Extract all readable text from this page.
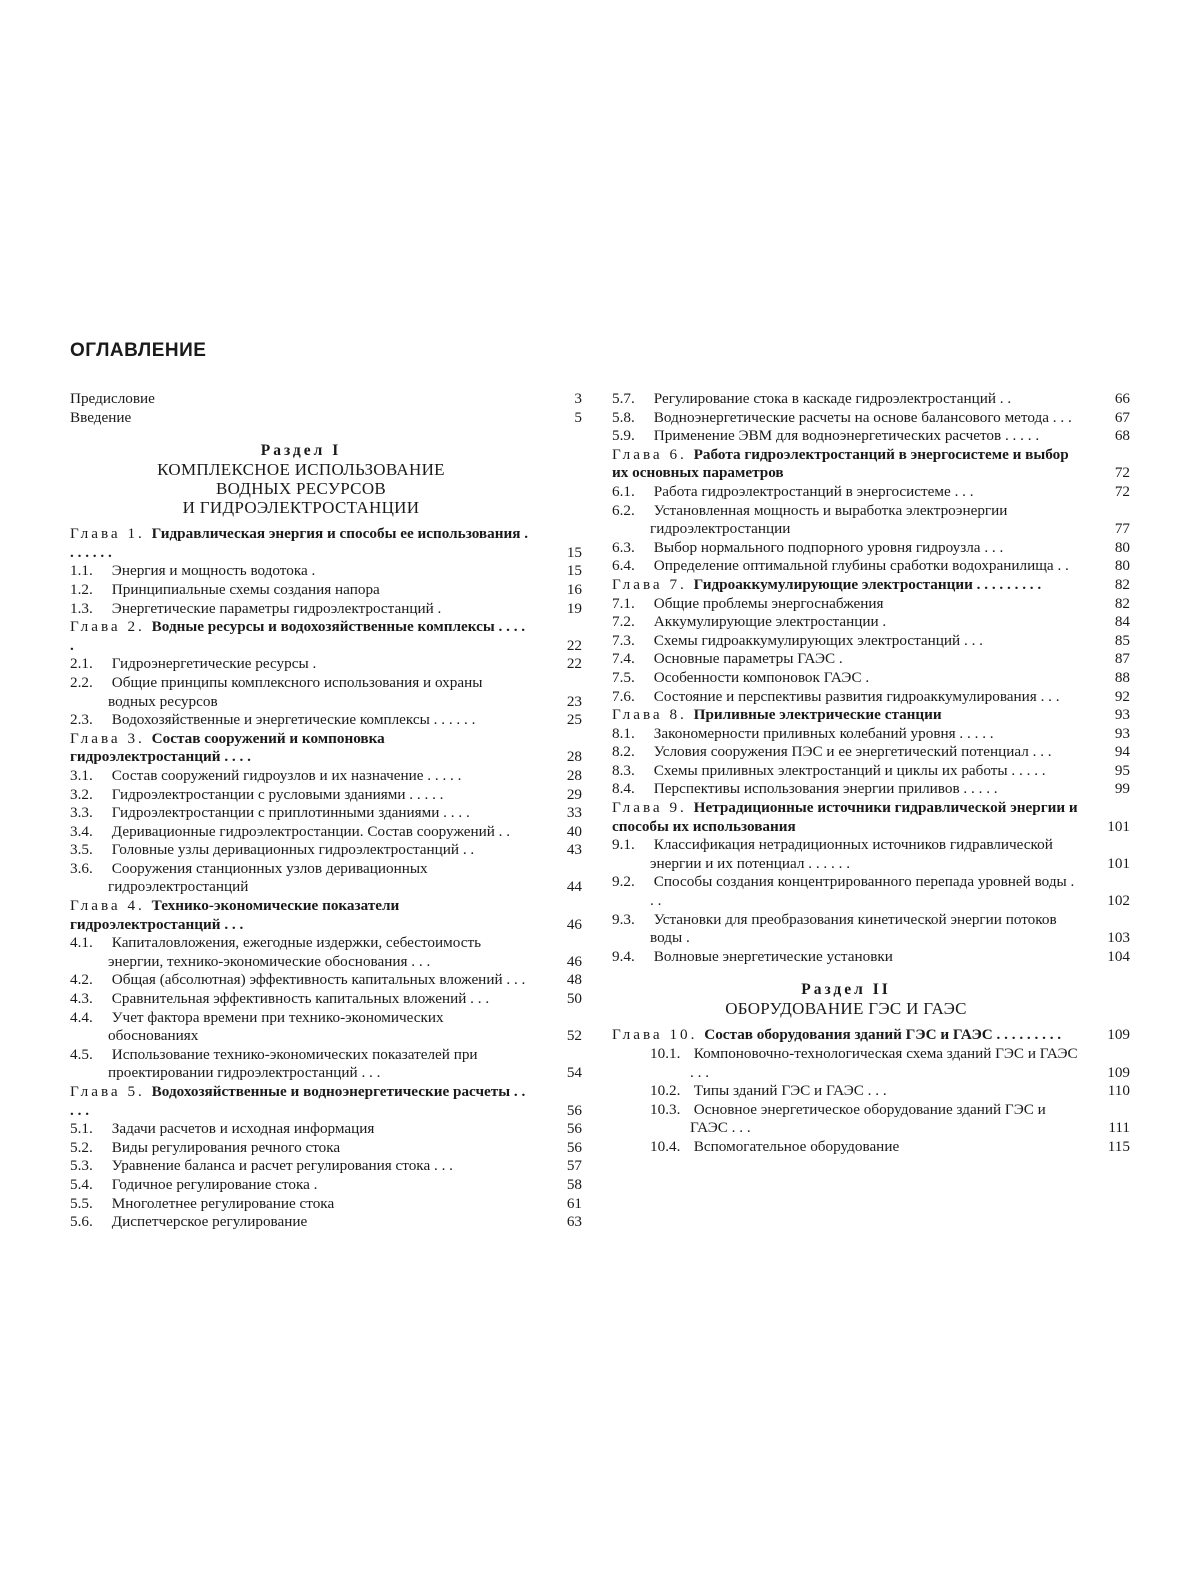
ОГЛАВЛЕНИЕ
Предисловие	3
Введение	5
Раздел I
КОМПЛЕКСНОЕ ИСПОЛЬЗОВАНИЕ
ВОДНЫХ РЕСУРСОВ
И ГИДРОЭЛЕКТРОСТАНЦИИ
Глава 1. Гидравлическая энергия и способы ее использования . . . . . . .	15
1.1. Энергия и мощность водотока .	15
1.2. Принципиальные схемы создания напора	16
1.3. Энергетические параметры гидроэлектростанций .	19
Глава 2. Водные ресурсы и водохозяйственные комплексы . . . . .	22
2.1. Гидроэнергетические ресурсы .	22
2.2. Общие принципы комплексного использования и охраны водных ресурсов	23
2.3. Водохозяйственные и энергетические комплексы . . . . . .	25
Глава 3. Состав сооружений и компоновка гидроэлектростанций . . . .	28
3.1. Состав сооружений гидроузлов и их назначение . . . . .	28
3.2. Гидроэлектростанции с русловыми зданиями . . . . .	29
3.3. Гидроэлектростанции с приплотинными зданиями . . . .	33
3.4. Деривационные гидроэлектростанции. Состав сооружений . .	40
3.5. Головные узлы деривационных гидроэлектростанций . .	43
3.6. Сооружения станционных узлов деривационных гидроэлектростанций	44
Глава 4. Технико-экономические показатели гидроэлектростанций . . .	46
4.1. Капиталовложения, ежегодные издержки, себестоимость энергии, технико-экономические обоснования . . .	46
4.2. Общая (абсолютная) эффективность капитальных вложений . . .	48
4.3. Сравнительная эффективность капитальных вложений . . .	50
4.4. Учет фактора времени при технико-экономических обоснованиях	52
4.5. Использование технико-экономических показателей при проектировании гидроэлектростанций . . .	54
Глава 5. Водохозяйственные и водноэнергетические расчеты . . . . .	56
5.1. Задачи расчетов и исходная информация	56
5.2. Виды регулирования речного стока	56
5.3. Уравнение баланса и расчет регулирования стока . . .	57
5.4. Годичное регулирование стока .	58
5.5. Многолетнее регулирование стока	61
5.6. Диспетчерское регулирование	63
5.7. Регулирование стока в каскаде гидроэлектростанций . .	66
5.8. Водноэнергетические расчеты на основе балансового метода . . .	67
5.9. Применение ЭВМ для водноэнергетических расчетов . . . . .	68
Глава 6. Работа гидроэлектростанций в энергосистеме и выбор их основных параметров	72
6.1. Работа гидроэлектростанций в энергосистеме . . .	72
6.2. Установленная мощность и выработка электроэнергии гидроэлектростанции	77
6.3. Выбор нормального подпорного уровня гидроузла . . .	80
6.4. Определение оптимальной глубины сработки водохранилища . .	80
Глава 7. Гидроаккумулирующие электростанции . . . . . . . . .	82
7.1. Общие проблемы энергоснабжения	82
7.2. Аккумулирующие электростанции .	84
7.3. Схемы гидроаккумулирующих электростанций . . .	85
7.4. Основные параметры ГАЭС .	87
7.5. Особенности компоновок ГАЭС .	88
7.6. Состояние и перспективы развития гидроаккумулирования . . .	92
Глава 8. Приливные электрические станции	93
8.1. Закономерности приливных колебаний уровня . . . . .	93
8.2. Условия сооружения ПЭС и ее энергетический потенциал . . .	94
8.3. Схемы приливных электростанций и циклы их работы . . . . .	95
8.4. Перспективы использования энергии приливов . . . . .	99
Глава 9. Нетрадиционные источники гидравлической энергии и способы их использования	101
9.1. Классификация нетрадиционных источников гидравлической энергии и их потенциал . . . . . .	101
9.2. Способы создания концентрированного перепада уровней воды . . .	102
9.3. Установки для преобразования кинетической энергии потоков воды .	103
9.4. Волновые энергетические установки	104
Раздел II
ОБОРУДОВАНИЕ ГЭС И ГАЭС
Глава 10. Состав оборудования зданий ГЭС и ГАЭС . . . . . . . . .	109
10.1. Компоновочно-технологическая схема зданий ГЭС и ГАЭС . . .	109
10.2. Типы зданий ГЭС и ГАЭС . . .	110
10.3. Основное энергетическое оборудование зданий ГЭС и ГАЭС . . .	111
10.4. Вспомогательное оборудование	115
